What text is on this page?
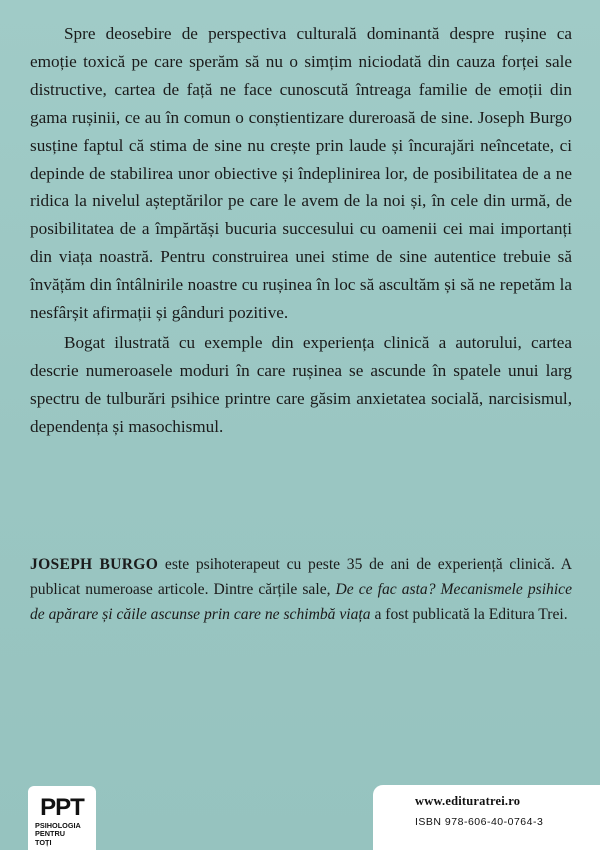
Spre deosebire de perspectiva culturală dominantă despre rușine ca emoție toxică pe care sperăm să nu o simțim niciodată din cauza forței sale distructive, cartea de față ne face cunoscută întreaga familie de emoții din gama rușinii, ce au în comun o conștientizare dureroasă de sine. Joseph Burgo susține faptul că stima de sine nu crește prin laude și încurajări neîncetate, ci depinde de stabilirea unor obiective și îndeplinirea lor, de posibilitatea de a ne ridica la nivelul așteptărilor pe care le avem de la noi și, în cele din urmă, de posibilitatea de a împărtăși bucuria succesului cu oamenii cei mai importanți din viața noastră. Pentru construirea unei stime de sine autentice trebuie să învățăm din întâlnirile noastre cu rușinea în loc să ascultăm și să ne repetăm la nesfârșit afirmații și gânduri pozitive.

Bogat ilustrată cu exemple din experiența clinică a autorului, cartea descrie numeroasele moduri în care rușinea se ascunde în spatele unui larg spectru de tulburări psihice printre care găsim anxietatea socială, narcisismul, dependența și masochismul.

JOSEPH BURGO este psihoterapeut cu peste 35 de ani de experiență clinică. A publicat numeroase articole. Dintre cărțile sale, De ce fac asta? Mecanismele psihice de apărare și căile ascunse prin care ne schimbă viața a fost publicată la Editura Trei.
PPT
PSIHOLOGIA
PENTRU
TOȚI
www.edituratrei.ro
ISBN 978-606-40-0764-3
